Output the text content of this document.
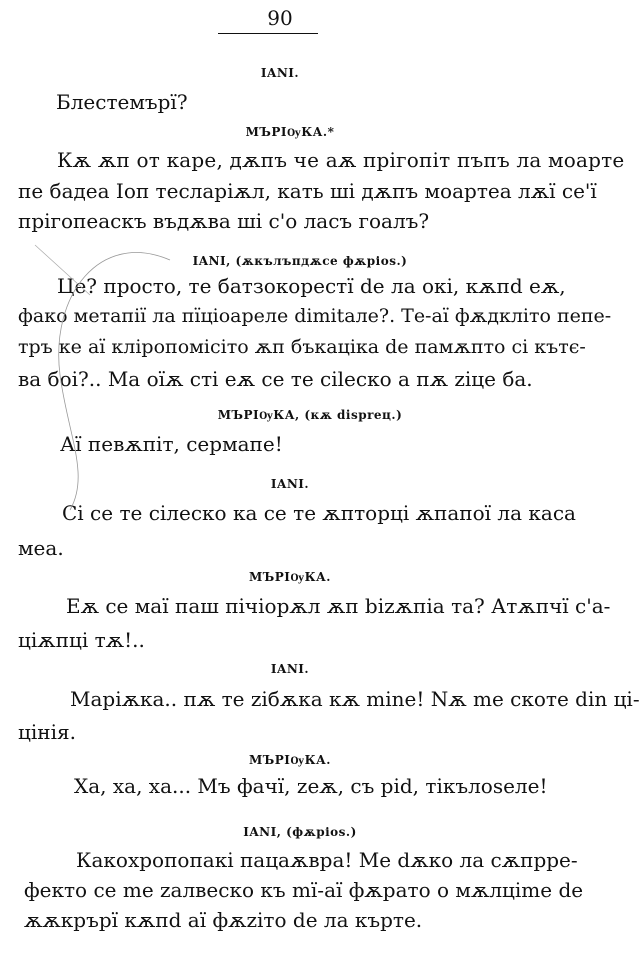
90
IANI.
Блестемърї?
МЪРІѸКА.*
Кѫ ѫп от каре, дѫпъ че аѫ прігопіт пъпъ ла моарте
пе бадеа Іоп тесларіѫл, кать ші дѫпъ моартеа лѫї се'ї
прігопеаскъ въдѫва ші с'о ласъ гоалъ?
IANI, (ѫкълъпдѫсе фѫріоѕ.)
Це? просто, те батзокорестї de ла окі, кѫпd еѫ,
фако метапії ла пїціоареле dimitале?. Те-аї фѫдкліто пепе-
тръ ке аї кліропомісіто ѫп бъкаціка de памѫпто сі кътє-
ва боі?.. Ма оїѫ сті еѫ се те сіlеско а пѫ ziце ба.
МЪРІѸКА, (кѫ dispreц.)
Аї певѫпіт, сермапе!
IANI.
Сі се те сілеско ка се те ѫпторці ѫпапої ла каса
меа.
МЪРІѸКА.
Еѫ се маї паш пічіорѫл ѫп bizѫпіа та? Атѫпчї с'а-
ціѫпці тѫ!..
IANI.
Маріѫка.. пѫ те zібѫка кѫ mine! Nѫ me скоте din ці-
цінія.
МЪРІѸКА.
Ха, ха, ха... Мъ фачї, zеѫ, съ рid, тікълоѕеле!
IANI, (фѫріоѕ.)
Какохропопакі пацаѫвра! Ме dѫко ла сѫпрре-
фекто се me zалвеско къ mї-аї фѫрато о мѫлціme de
ѫѫкрърї кѫпd аї фѫzіто de ла кърте.
